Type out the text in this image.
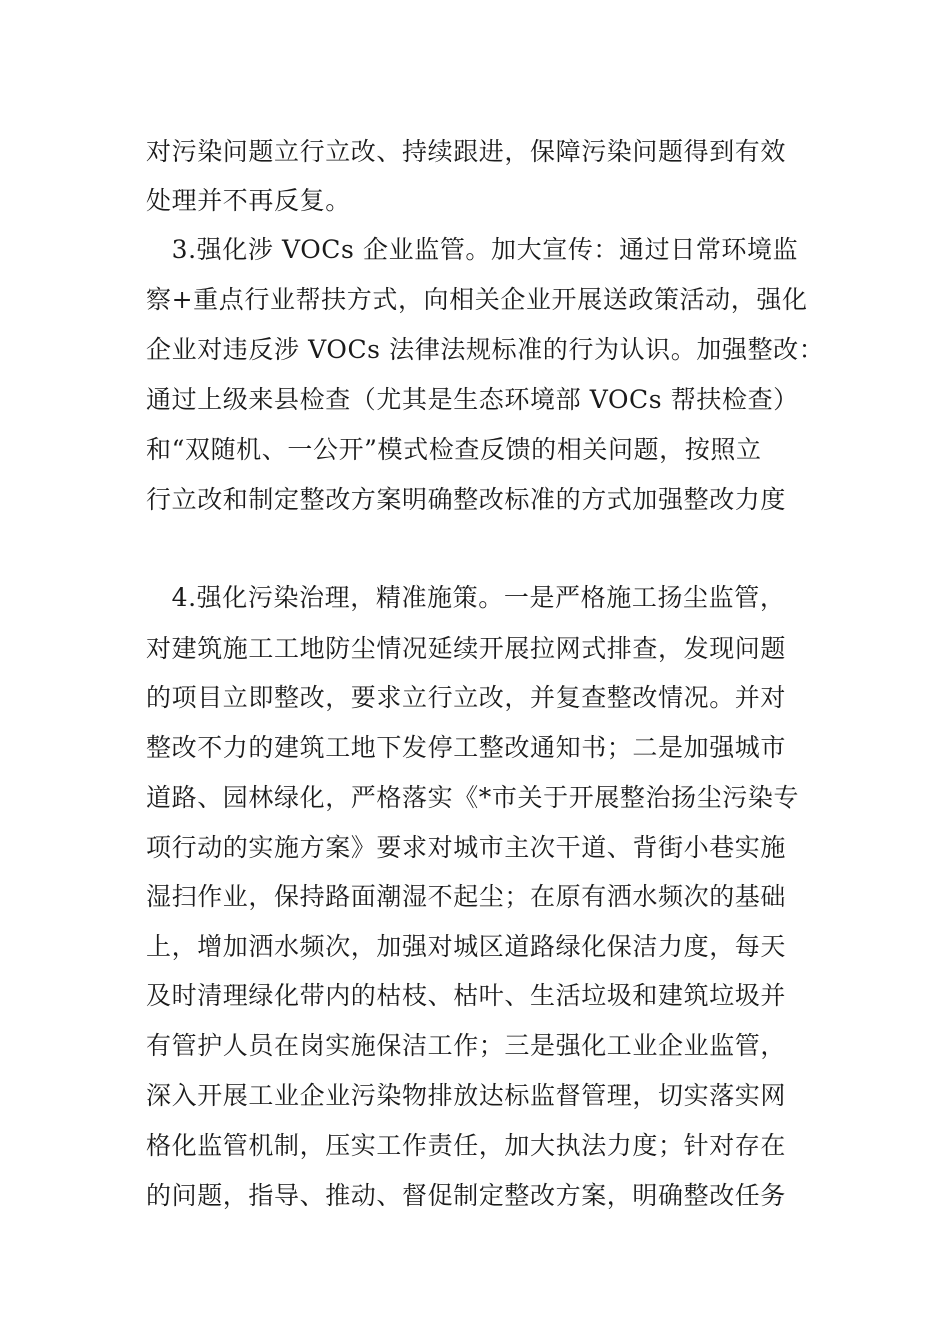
对污染问题立行立改、持续跟进，保障污染问题得到有效
处理并不再反复。
　3.强化涉 VOCs 企业监管。加大宣传：通过日常环境监
察+重点行业帮扶方式，向相关企业开展送政策活动，强化
企业对违反涉 VOCs 法律法规标准的行为认识。加强整改：
通过上级来县检查（尤其是生态环境部 VOCs 帮扶检查）
和“双随机、一公开”模式检查反馈的相关问题，按照立
行立改和制定整改方案明确整改标准的方式加强整改力度
　4.强化污染治理，精准施策。一是严格施工扬尘监管，
对建筑施工工地防尘情况延续开展拉网式排查，发现问题
的项目立即整改，要求立行立改，并复查整改情况。并对
整改不力的建筑工地下发停工整改通知书；二是加强城市
道路、园林绿化，严格落实《*市关于开展整治扬尘污染专
项行动的实施方案》要求对城市主次干道、背街小巷实施
湿扫作业，保持路面潮湿不起尘；在原有洒水频次的基础
上，增加洒水频次，加强对城区道路绿化保洁力度，每天
及时清理绿化带内的枯枝、枯叶、生活垃圾和建筑垃圾并
有管护人员在岗实施保洁工作；三是强化工业企业监管，
深入开展工业企业污染物排放达标监督管理，切实落实网
格化监管机制，压实工作责任，加大执法力度；针对存在
的问题，指导、推动、督促制定整改方案，明确整改任务
